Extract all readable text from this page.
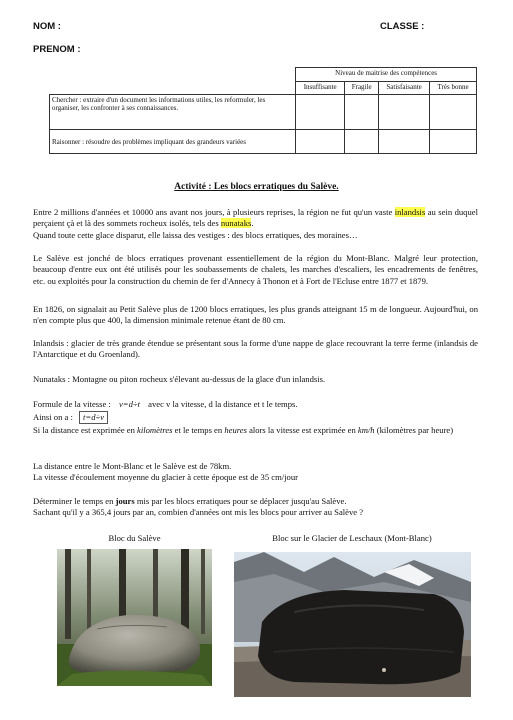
NOM :	CLASSE :
PRENOM :
	Niveau de maitrise des compétences			
	Insuffisante	Fragile	Satisfaisante	Très bonne
Chercher : extraire d'un document les informations utiles, les reformuler, les organiser, les confronter à ses connaissances.				
Raisonner : résoudre des problèmes impliquant des grandeurs variées				
Activité : Les blocs erratiques du Salève.
Entre 2 millions d'années et 10000 ans avant nos jours, à plusieurs reprises, la région ne fut qu'un vaste inlandsis au sein duquel perçaient çà et là des sommets rocheux isolés, tels des nunataks.
Quand toute cette glace disparut, elle laissa des vestiges : des blocs erratiques, des moraines…
Le Salève est jonché de blocs erratiques provenant essentiellement de la région du Mont-Blanc. Malgré leur protection, beaucoup d'entre eux ont été utilisés pour les soubassements de chalets, les marches d'escaliers, les encadrements de fenêtres, etc. ou exploités pour la construction du chemin de fer d'Annecy à Thonon et à Fort de l'Ecluse entre 1877 et 1879.
En 1826, on signalait au Petit Salève plus de 1200 blocs erratiques, les plus grands atteignant 15 m de longueur. Aujourd'hui, on n'en compte plus que 400, la dimension minimale retenue étant de 80 cm.
Inlandsis : glacier de très grande étendue se présentant sous la forme d'une nappe de glace recouvrant la terre ferme (inlandsis de l'Antarctique et du Groenland).
Nunataks : Montagne ou piton rocheux s'élevant au-dessus de la glace d'un inlandsis.
Formule de la vitesse : v=d÷t avec v la vitesse, d la distance et t le temps.
Ainsi on a : t=d÷v
Si la distance est exprimée en kilomètres et le temps en heures alors la vitesse est exprimée en km/h (kilomètres par heure)
La distance entre le Mont-Blanc et le Salève est de 78km.
La vitesse d'écoulement moyenne du glacier à cette époque est de 35 cm/jour
Déterminer le temps en jours mis par les blocs erratiques pour se déplacer jusqu'au Salève.
Sachant qu'il y a 365,4 jours par an, combien d'années ont mis les blocs pour arriver au Salève ?
Bloc du Salève	Bloc sur le Glacier de Leschaux (Mont-Blanc)
